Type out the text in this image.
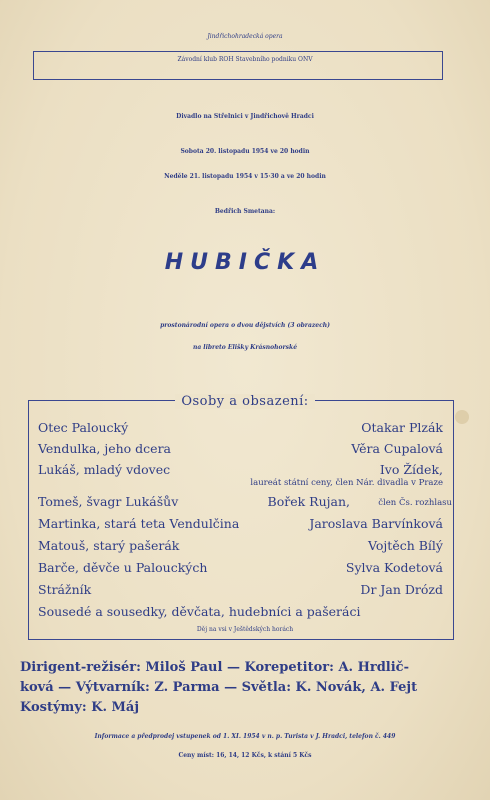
Jindřichohradecká opera
Závodní klub ROH Stavebního podniku ONV
Divadlo na Střelnici v Jindřichově Hradci
Sobota 20. listopadu 1954 ve 20 hodin
Neděle 21. listopadu 1954 v 15·30 a ve 20 hodin
Bedřich Smetana:
HUBIČKA
prostonárodní opera o dvou dějstvích (3 obrazech)
na libreto Elišky Krásnohorské
Osoby a obsazení:
Otec Paloucký	Otakar Plzák
Vendulka, jeho dcera	Věra Cupalová
Lukáš, mladý vdovec	Ivo Žídek,
laureát státní ceny, člen Nár. divadla v Praze
Tomeš, švagr Lukášův	Bořek Rujan,	člen Čs. rozhlasu
Martinka, stará teta Vendulčina	Jaroslava Barvínková
Matouš, starý pašerák	Vojtěch Bílý
Barče, děvče u Palouckých	Sylva Kodetová
Strážník	Dr Jan Drózd
Sousedé a sousedky, děvčata, hudebníci a pašeráci
Děj na vsi v Ještědských horách
Dirigent-režisér: Miloš Paul — Korepetitor: A. Hrdlič-
ková — Výtvarník: Z. Parma — Světla: K. Novák, A. Fejt
Kostýmy: K. Máj
Informace a předprodej vstupenek od 1. XI. 1954 v n. p. Turista v J. Hradci, telefon č. 449
Ceny míst: 16, 14, 12 Kčs, k stání 5 Kčs
